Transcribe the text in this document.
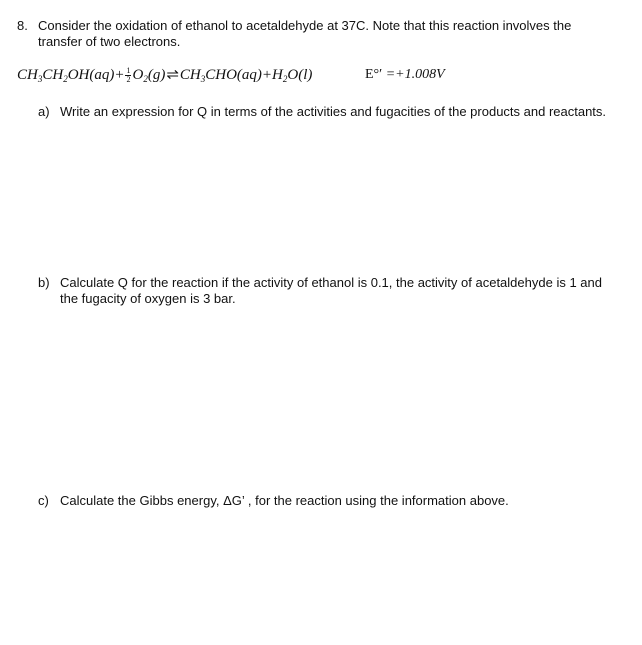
8. Consider the oxidation of ethanol to acetaldehyde at 37C. Note that this reaction involves the
transfer of two electrons.
$CH_3CH_2OH(aq)+ \frac{1}{2}$ $O_2(g)\rightleftharpoons CH_3CHO(aq)+H_2O(l)$	E°′ =+1.008V
a) Write an expression for Q in terms of the activities and fugacities of the products and reactants.
b) Calculate Q for the reaction if the activity of ethanol is 0.1, the activity of acetaldehyde is 1 and
the fugacity of oxygen is 3 bar.
c) Calculate the Gibbs energy, ΔG’ , for the reaction using the information above.
